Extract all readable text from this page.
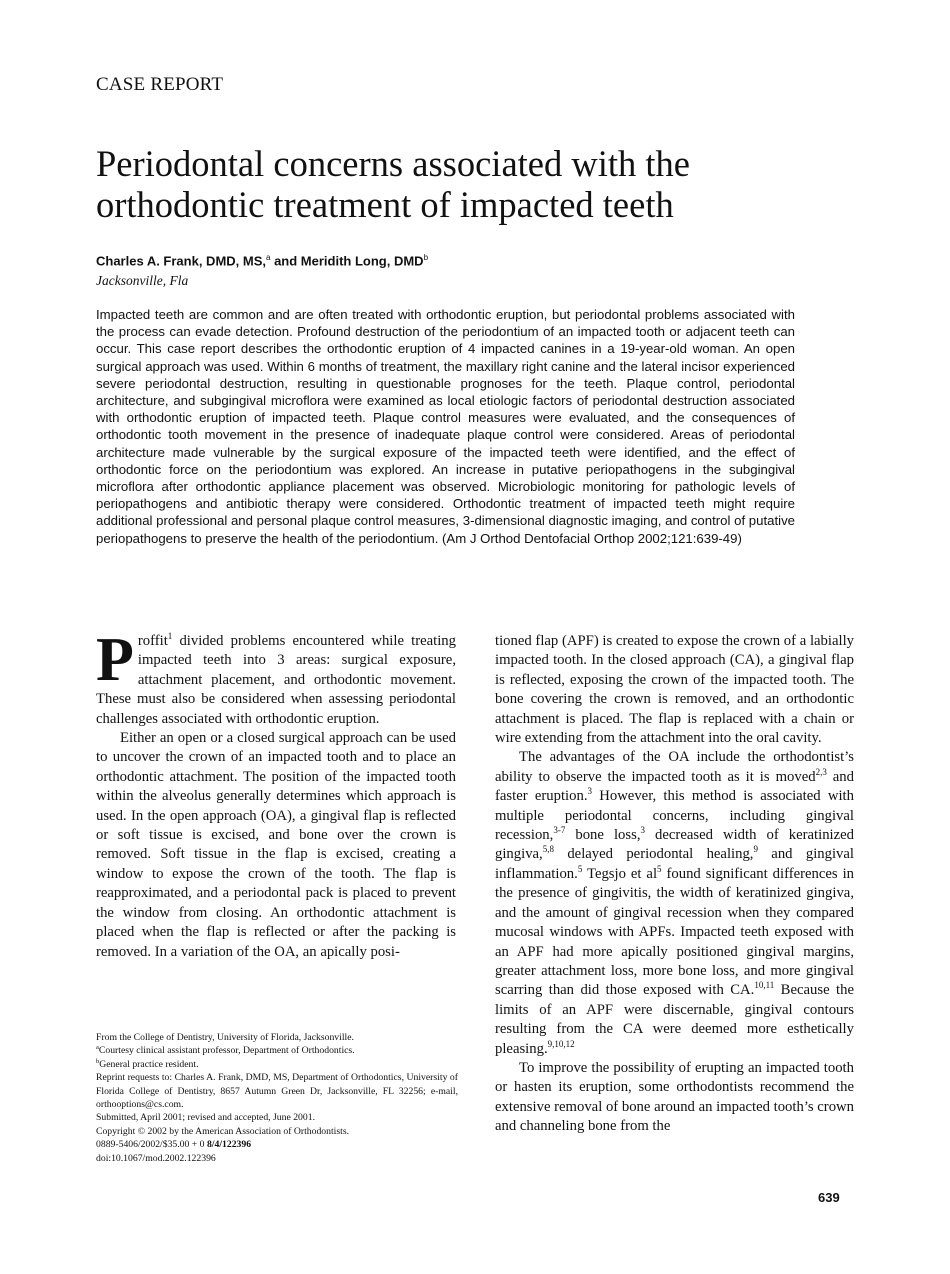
CASE REPORT
Periodontal concerns associated with the orthodontic treatment of impacted teeth
Charles A. Frank, DMD, MS,$^a$ and Meridith Long, DMD$^b$
Jacksonville, Fla

Impacted teeth are common and are often treated with orthodontic eruption, but periodontal problems associated with the process can evade detection. Profound destruction of the periodontium of an impacted tooth or adjacent teeth can occur. This case report describes the orthodontic eruption of 4 impacted canines in a 19-year-old woman. An open surgical approach was used. Within 6 months of treatment, the maxillary right canine and the lateral incisor experienced severe periodontal destruction, resulting in questionable prognoses for the teeth. Plaque control, periodontal architecture, and subgingival microflora were examined as local etiologic factors of periodontal destruction associated with orthodontic eruption of impacted teeth. Plaque control measures were evaluated, and the consequences of orthodontic tooth movement in the presence of inadequate plaque control were considered. Areas of periodontal architecture made vulnerable by the surgical exposure of the impacted teeth were identified, and the effect of orthodontic force on the periodontium was explored. An increase in putative periopathogens in the subgingival microflora after orthodontic appliance placement was observed. Microbiologic monitoring for pathologic levels of periopathogens and antibiotic therapy were considered. Orthodontic treatment of impacted teeth might require additional professional and personal plaque control measures, 3-dimensional diagnostic imaging, and control of putative periopathogens to preserve the health of the periodontium. (Am J Orthod Dentofacial Orthop 2002;121:639-49)

Proffit$^1$ divided problems encountered while treating impacted teeth into 3 areas: surgical exposure, attachment placement, and orthodontic movement. These must also be considered when assessing periodontal challenges associated with orthodontic eruption.

Either an open or a closed surgical approach can be used to uncover the crown of an impacted tooth and to place an orthodontic attachment. The position of the impacted tooth within the alveolus generally determines which approach is used. In the open approach (OA), a gingival flap is reflected or soft tissue is excised, and bone over the crown is removed. Soft tissue in the flap is excised, creating a window to expose the crown of the tooth. The flap is reapproximated, and a periodontal pack is placed to prevent the window from closing. An orthodontic attachment is placed when the flap is reflected or after the packing is removed. In a variation of the OA, an apically posi-

tioned flap (APF) is created to expose the crown of a labially impacted tooth. In the closed approach (CA), a gingival flap is reflected, exposing the crown of the impacted tooth. The bone covering the crown is removed, and an orthodontic attachment is placed. The flap is replaced with a chain or wire extending from the attachment into the oral cavity.

The advantages of the OA include the orthodontist’s ability to observe the impacted tooth as it is moved$^{2,3}$ and faster eruption.$^3$ However, this method is associated with multiple periodontal concerns, including gingival recession,$^{3-7}$ bone loss,$^3$ decreased width of keratinized gingiva,$^{5,8}$ delayed periodontal healing,$^9$ and gingival inflammation.$^5$ Tegsjo et $al^5$ found significant differences in the presence of gingivitis, the width of keratinized gingiva, and the amount of gingival recession when they compared mucosal windows with APFs. Impacted teeth exposed with an APF had more apically positioned gingival margins, greater attachment loss, more bone loss, and more gingival scarring than did those exposed with CA.$^{10,11}$ Because the limits of an APF were discernable, gingival contours resulting from the CA were deemed more esthetically pleasing.$^{9,10,12}$

To improve the possibility of erupting an impacted tooth or hasten its eruption, some orthodontists recommend the extensive removal of bone around an impacted tooth’s crown and channeling bone from the

From the College of Dentistry, University of Florida, Jacksonville.

$^a$Courtesy clinical assistant professor, Department of Orthodontics.

$^b$General practice resident.

Reprint requests to: Charles A. Frank, DMD, MS, Department of Orthodontics, University of Florida College of Dentistry, 8657 Autumn Green Dr, Jacksonville, FL 32256; e-mail, orthooptions@cs.com.

Submitted, April 2001; revised and accepted, June 2001.

Copyright © 2002 by the American Association of Orthodontists.

0889-5406/2002/$35.00 + 0 8/4/122396

doi:10.1067/mod.2002.122396

639
